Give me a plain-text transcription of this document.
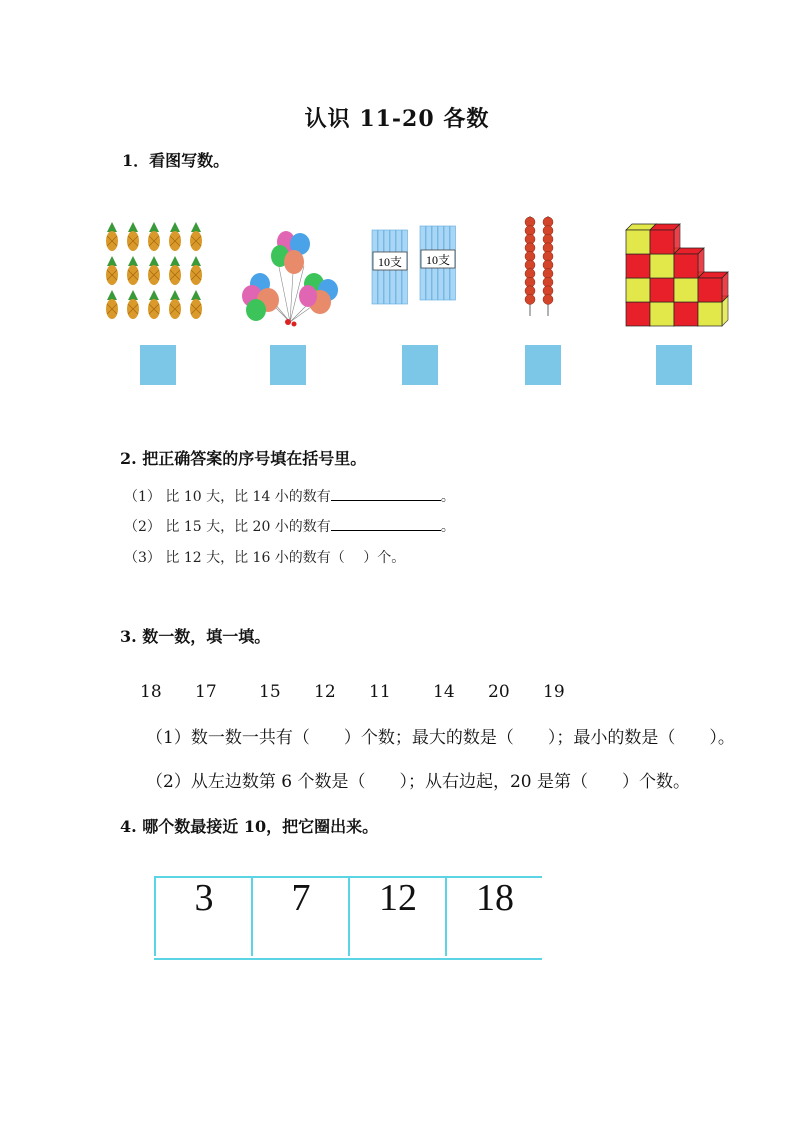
认识 11-20 各数
1．看图写数。
10支 10支
2. 把正确答案的序号填在括号里。
（1） 比 10 大，比 14 小的数有	。
（2） 比 15 大，比 20 小的数有	。
（3） 比 12 大，比 16 小的数有（　 ）个。
3. 数一数，填一填。
18 17 15 12 11 14 20 19
（1）数一数一共有（　　）个数；最大的数是（　　）；最小的数是（　　）。
（2）从左边数第 6 个数是（　　）；从右边起，20 是第（　　）个数。
4. 哪个数最接近 10，把它圈出来。
3	7	12	18
